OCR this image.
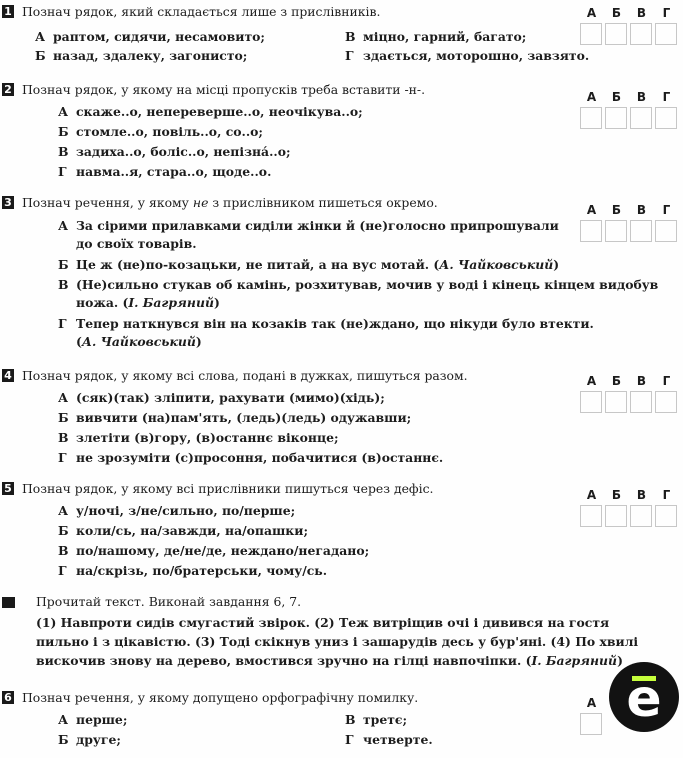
1 Познач рядок, який складається лише з прислівників.
А раптом, сидячи, несамовито;
Б назад, здалеку, загонисто;
В міцно, гарний, багато;
Г здається, моторошно, завзято.
А	Б	В	Г
2 Познач рядок, у якому на місці пропусків треба вставити -н-.
А скаже..о, неперевершe..о, неочікува..о;
Б стомле..о, повіль..о, со..о;
В задиха..о, боліс..о, непізна́..о;
Г навма..я, стара..о, щоде..о.
А	Б	В	Г
3 Познач речення, у якому не з прислівником пишеться окремо.
А За сірими прилавками сиділи жінки й (не)голосно припрошували
до своїх товарів.
Б Це ж (не)по-козацьки, не питай, а на вус мотай. (А. Чайковський)
В (Не)сильно стукав об камінь, розхитував, мочив у воді і кінець кінцем видобув
ножа. (І. Багряний)
Г Тепер наткнувся він на козаків так (не)ждано, що нікуди було втекти.
(А. Чайковський)
А	Б	В	Г
4 Познач рядок, у якому всі слова, подані в дужках, пишуться разом.
А (сяк)(так) зліпити, рахувати (мимо)(хідь);
Б вивчити (на)пам'ять, (ледь)(ледь) одужавши;
В злетіти (в)гору, (в)останнє віконце;
Г не зрозуміти (с)просоння, побачитися (в)останнє.
А	Б	В	Г
5 Познач рядок, у якому всі прислівники пишуться через дефіс.
А у/ночі, з/не/сильно, по/перше;
Б коли/сь, на/завжди, на/опашки;
В по/нашому, де/не/де, нежданo/негадано;
Г на/скрізь, по/братерськи, чому/сь.
А	Б	В	Г
Прочитай текст. Виконай завдання 6, 7.
(1) Навпроти сидів смугастий звірок. (2) Теж витріщив очі і дивився на гостя
пильно і з цікавістю. (3) Тоді скікнув униз і зашарудів десь у бур'яні. (4) По хвилі
вискочив знову на дерево, вмостився зручно на гілці навпочіпки. (І. Багряний)
6 Познач речення, у якому допущено орфографічну помилку.
А перше;
Б друге;
В третє;
Г четверте.
А е
